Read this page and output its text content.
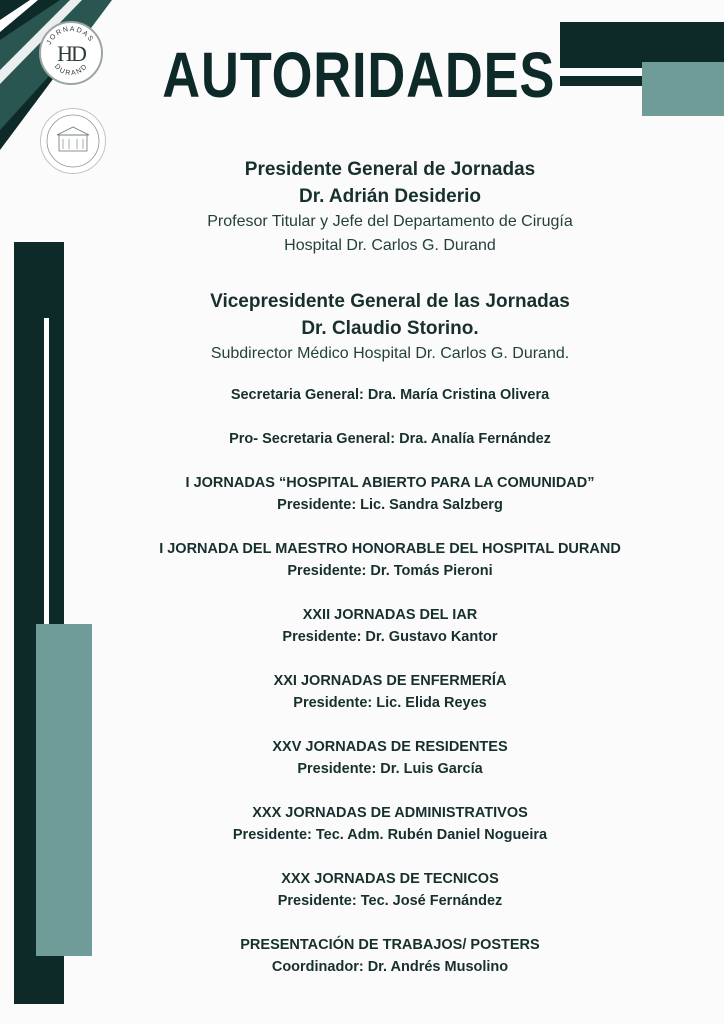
JORNADAS
DURAND
HD AUTORIDADES
Presidente General de Jornadas
Dr. Adrián Desiderio
Profesor Titular y Jefe del Departamento de Cirugía
Hospital Dr. Carlos G. Durand
Vicepresidente General de las Jornadas
Dr. Claudio Storino.
Subdirector Médico Hospital Dr. Carlos G. Durand.
Secretaria General: Dra. María Cristina Olivera
Pro- Secretaria General: Dra. Analía Fernández
I JORNADAS “HOSPITAL ABIERTO PARA LA COMUNIDAD”
Presidente: Lic. Sandra Salzberg
I JORNADA DEL MAESTRO HONORABLE DEL HOSPITAL DURAND
Presidente: Dr. Tomás Pieroni
XXII JORNADAS DEL IAR
Presidente: Dr. Gustavo Kantor
XXI JORNADAS DE ENFERMERÍA
Presidente: Lic. Elida Reyes
XXV JORNADAS DE RESIDENTES
Presidente: Dr. Luis García
XXX JORNADAS DE ADMINISTRATIVOS
Presidente: Tec. Adm. Rubén Daniel Nogueira
XXX JORNADAS DE TECNICOS
Presidente: Tec. José Fernández
PRESENTACIÓN DE TRABAJOS/ POSTERS
Coordinador: Dr. Andrés Musolino
